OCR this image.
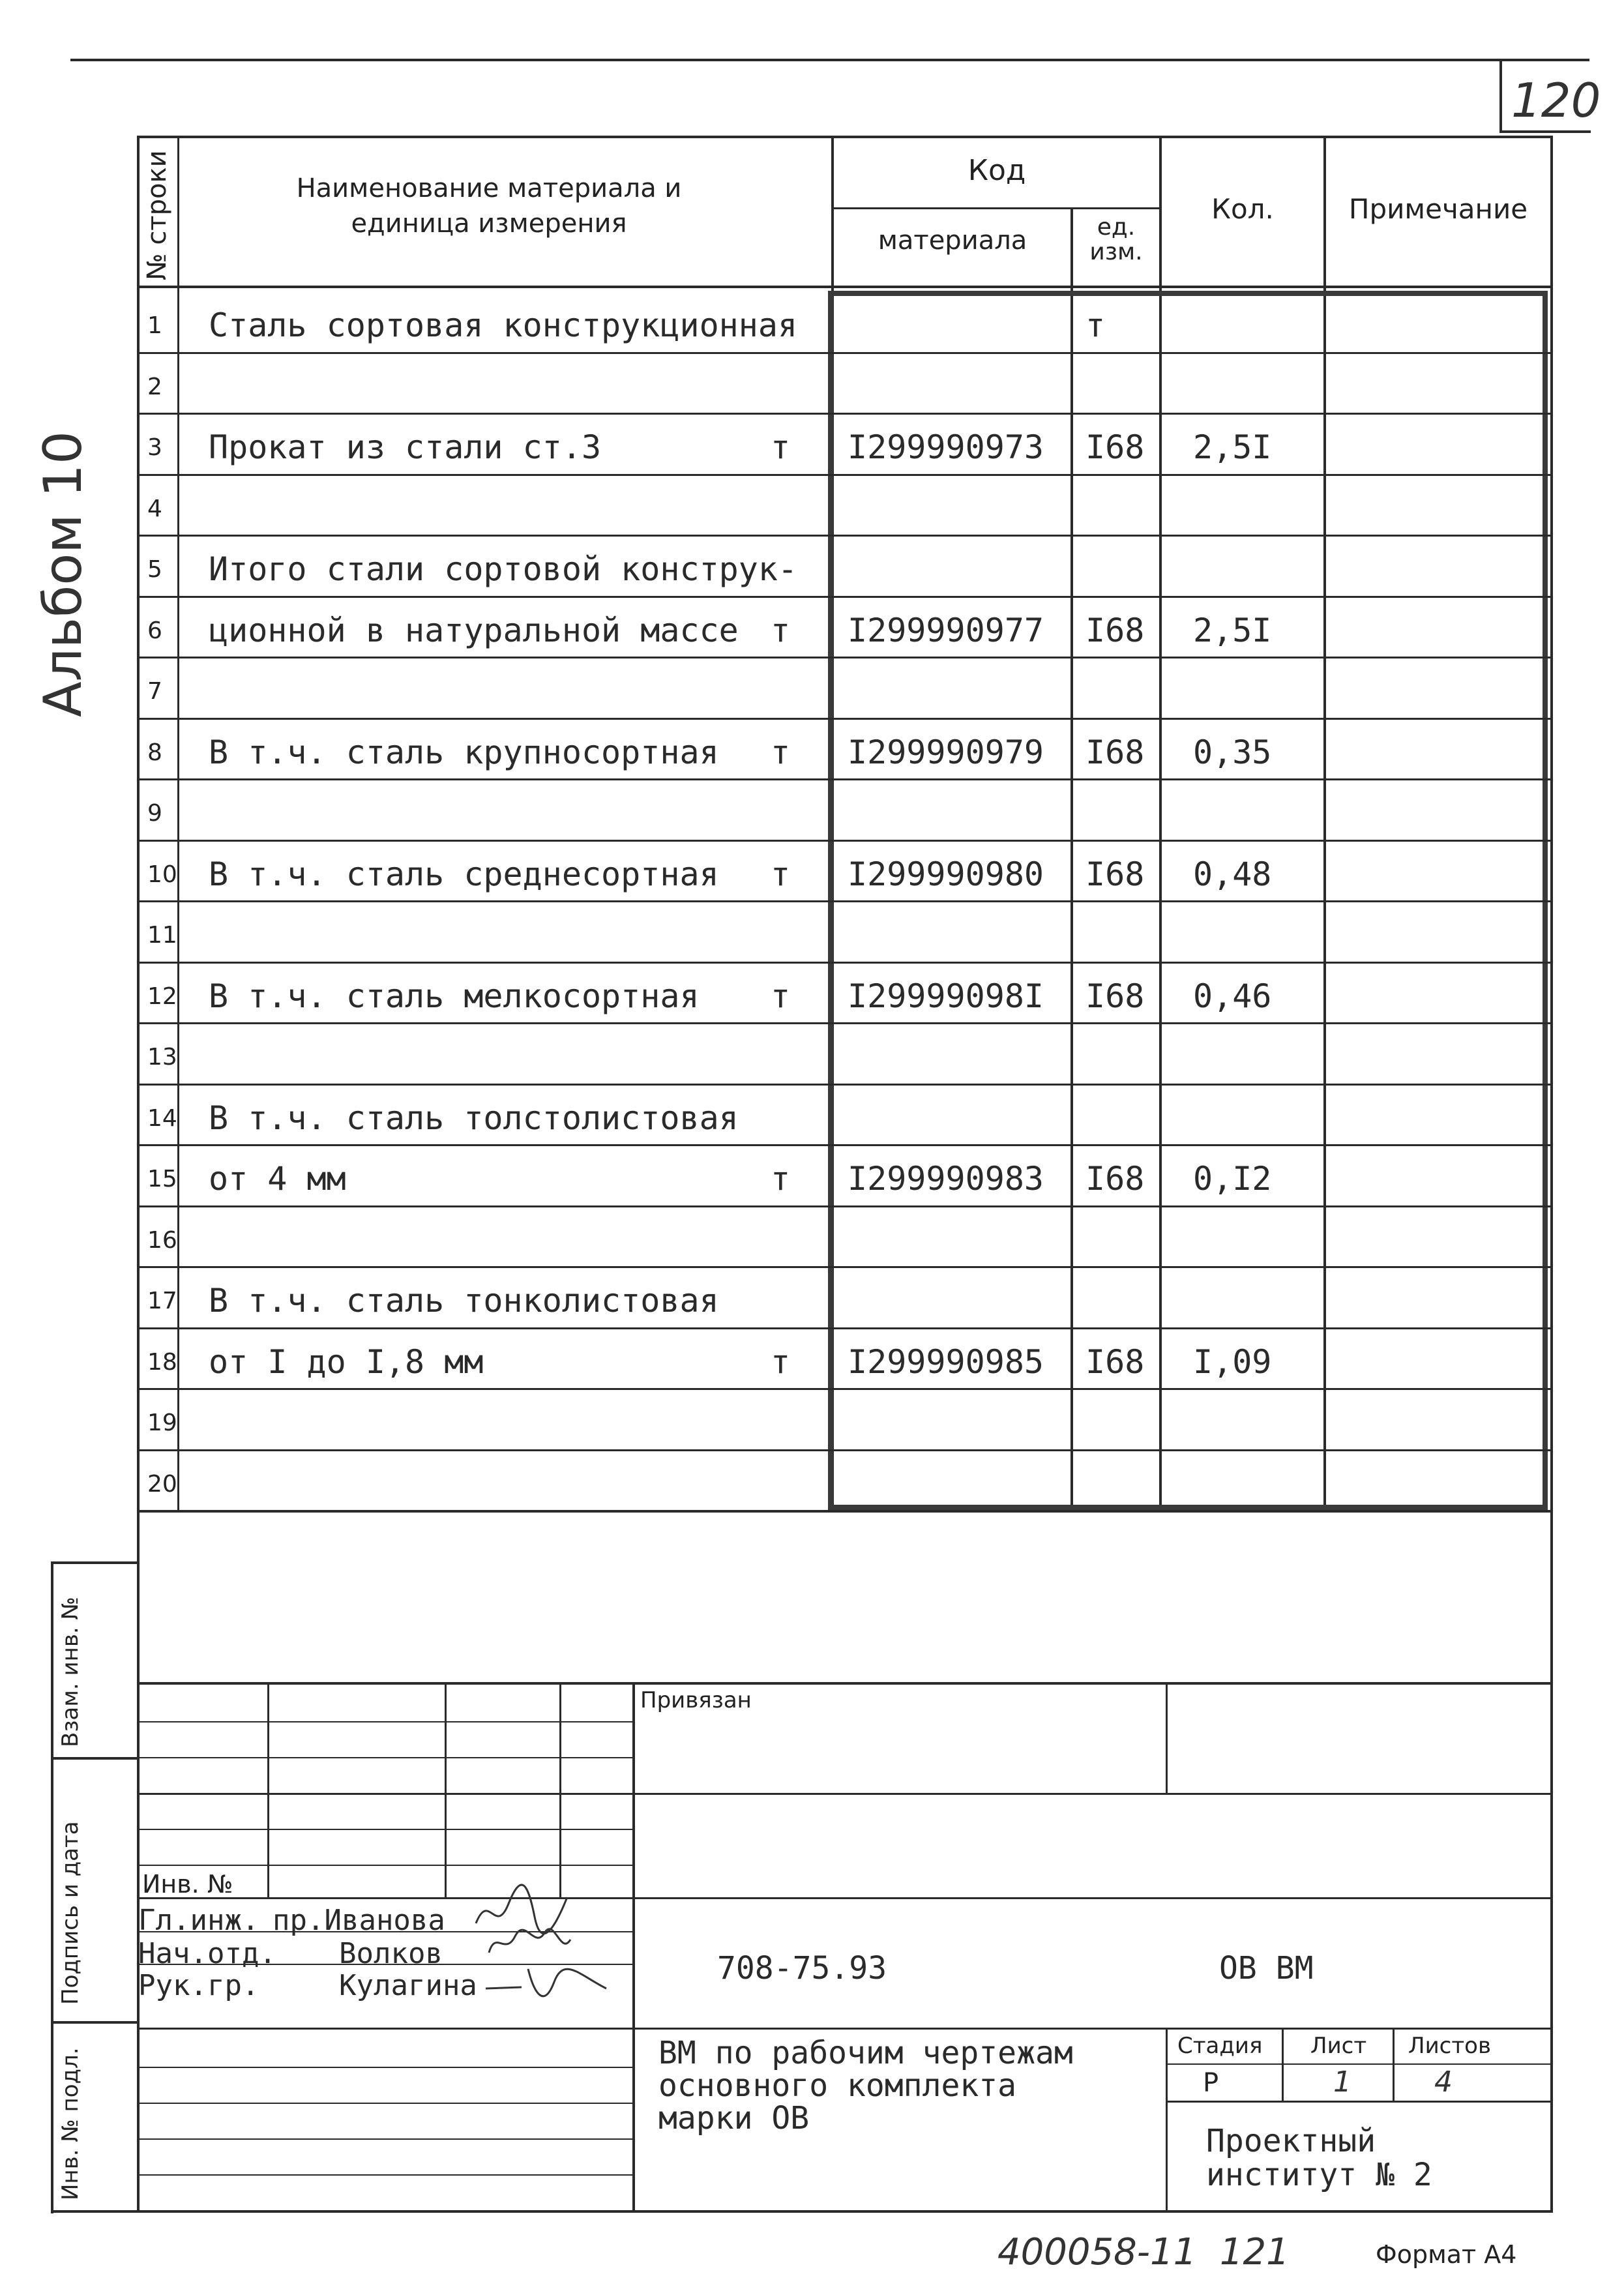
120
Альбом 10
№ строки	Наименование материала и единица измерения
Код
материала	ед. изм.
Кол.	Примечание
1 Сталь сортовая конструкционная	т
2
3 Прокат из стали ст.3	т I299990973 I68 2,5I
4
5 Итого стали сортовой конструк-
6 ционной в натуральной массе т I299990977 I68 2,5I
7
8 В т.ч. сталь крупносортная т I299990979 I68 0,35
9
10 В т.ч. сталь среднесортная т I299990980 I68 0,48
11
12 В т.ч. сталь мелкосортная т I29999098I I68 0,46
13
14 В т.ч. сталь толстолистовая
15 от 4 мм	т I299990983 I68 0,I2
16
17 В т.ч. сталь тонколистовая
18 от I до I,8 мм	т I299990985 I68 I,09
19
20
Взам. инв. №
Подпись и дата
Инв. № подл.
Привязан
Инв. №
Гл.инж. пр.Иванова
Нач.отд. Волков
Рук.гр.	Кулагина	708-75.93	ОВ ВМ
ВМ по рабочим чертежам
основного комплекта
марки ОВ
Стадия Лист Листов
Р	1	4
Проектный
институт № 2
400058-11  121	Формат А4
